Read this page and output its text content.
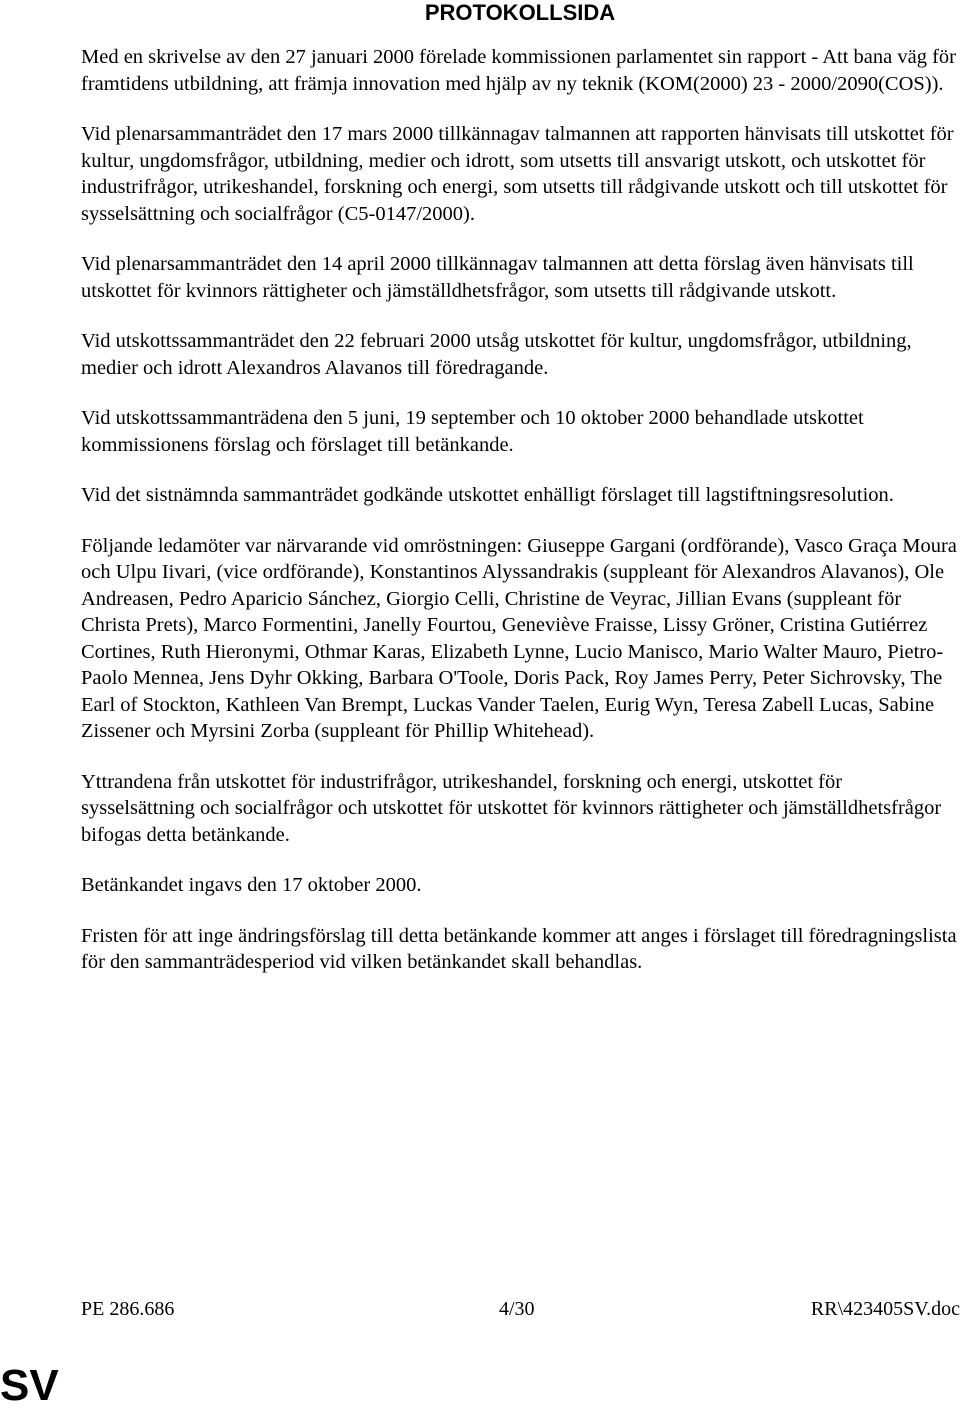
PROTOKOLLSIDA

Med en skrivelse av den 27 januari 2000 förelade kommissionen parlamentet sin rapport - Att bana väg för framtidens utbildning, att främja innovation med hjälp av ny teknik (KOM(2000) 23 - 2000/2090(COS)).

Vid plenarsammanträdet den 17 mars 2000 tillkännagav talmannen att rapporten hänvisats till utskottet för kultur, ungdomsfrågor, utbildning, medier och idrott, som utsetts till ansvarigt utskott, och utskottet för industrifrågor, utrikeshandel, forskning och energi, som utsetts till rådgivande utskott och till utskottet för sysselsättning och socialfrågor (C5-0147/2000).

Vid plenarsammanträdet den 14 april 2000 tillkännagav talmannen att detta förslag även hänvisats till utskottet för kvinnors rättigheter och jämställdhetsfrågor, som utsetts till rådgivande utskott.

Vid utskottssammanträdet den 22 februari 2000 utsåg utskottet för kultur, ungdomsfrågor, utbildning, medier och idrott Alexandros Alavanos till föredragande.

Vid utskottssammanträdena den 5 juni, 19 september och 10 oktober 2000 behandlade utskottet kommissionens förslag och förslaget till betänkande.

Vid det sistnämnda sammanträdet godkände utskottet enhälligt förslaget till lagstiftningsresolution.

Följande ledamöter var närvarande vid omröstningen: Giuseppe Gargani (ordförande), Vasco Graça Moura och Ulpu Iivari, (vice ordförande), Konstantinos Alyssandrakis (suppleant för Alexandros Alavanos), Ole Andreasen, Pedro Aparicio Sánchez, Giorgio Celli, Christine de Veyrac, Jillian Evans (suppleant för Christa Prets), Marco Formentini, Janelly Fourtou, Geneviève Fraisse, Lissy Gröner, Cristina Gutiérrez Cortines, Ruth Hieronymi, Othmar Karas, Elizabeth Lynne, Lucio Manisco, Mario Walter Mauro, Pietro-Paolo Mennea, Jens Dyhr Okking, Barbara O'Toole, Doris Pack, Roy James Perry, Peter Sichrovsky, The Earl of Stockton, Kathleen Van Brempt, Luckas Vander Taelen, Eurig Wyn, Teresa Zabell Lucas, Sabine Zissener och Myrsini Zorba (suppleant för Phillip Whitehead).

Yttrandena från utskottet för industrifrågor, utrikeshandel, forskning och energi, utskottet för sysselsättning och socialfrågor och utskottet för utskottet för kvinnors rättigheter och jämställdhetsfrågor bifogas detta betänkande.

Betänkandet ingavs den 17 oktober 2000.

Fristen för att inge ändringsförslag till detta betänkande kommer att anges i förslaget till föredragningslista för den sammanträdesperiod vid vilken betänkandet skall behandlas.

PE 286.686	4/30	RR\423405SV.doc
SV
